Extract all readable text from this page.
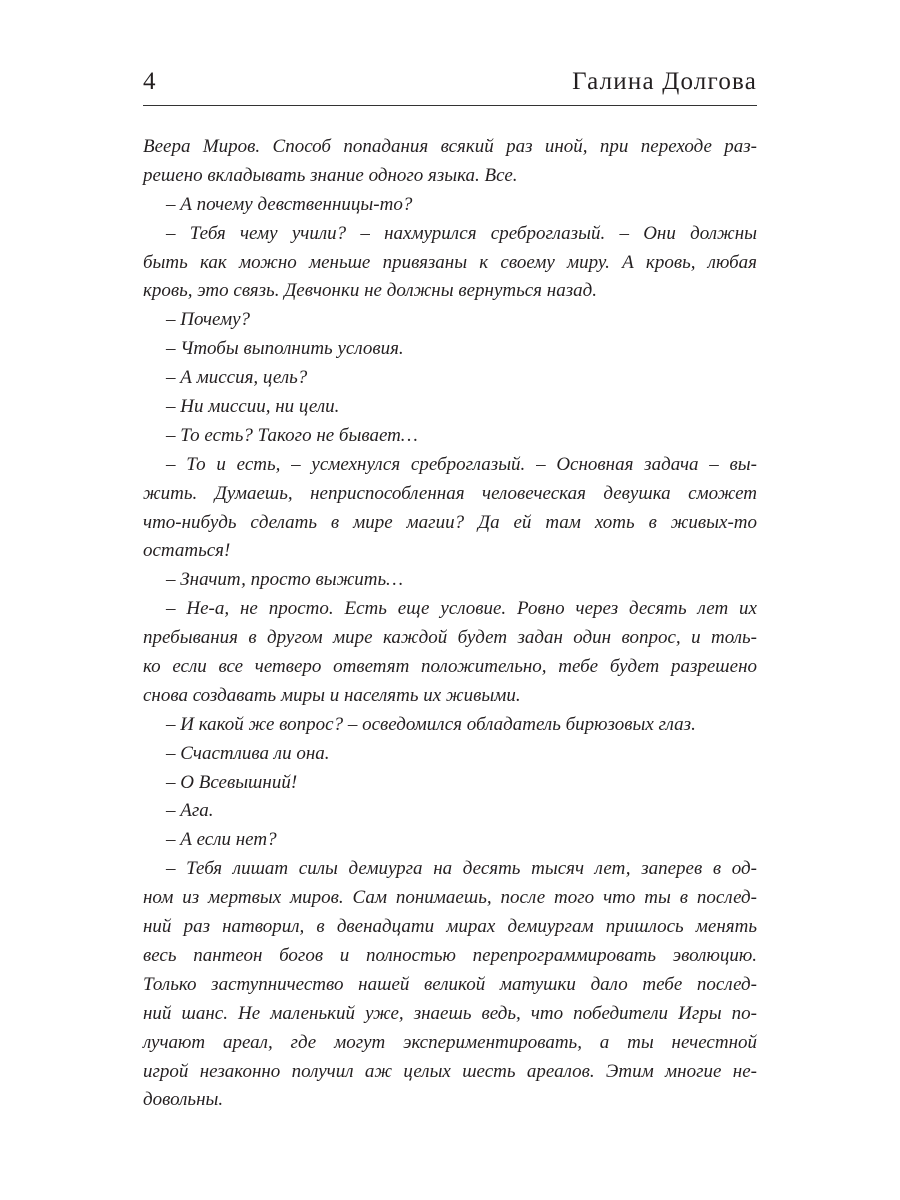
4	Галина Долгова
Веера Миров. Способ попадания всякий раз иной, при переходе раз-
решено вкладывать знание одного языка. Все.
– А почему девственницы-то?
– Тебя чему учили? – нахмурился среброглазый. – Они должны
быть как можно меньше привязаны к своему миру. А кровь, любая
кровь, это связь. Девчонки не должны вернуться назад.
– Почему?
– Чтобы выполнить условия.
– А миссия, цель?
– Ни миссии, ни цели.
– То есть? Такого не бывает…
– То и есть, – усмехнулся среброглазый. – Основная задача – вы-
жить. Думаешь, неприспособленная человеческая девушка сможет
что-нибудь сделать в мире магии? Да ей там хоть в живых-то
остаться!
– Значит, просто выжить…
– Не-а, не просто. Есть еще условие. Ровно через десять лет их
пребывания в другом мире каждой будет задан один вопрос, и толь-
ко если все четверо ответят положительно, тебе будет разрешено
снова создавать миры и населять их живыми.
– И какой же вопрос? – осведомился обладатель бирюзовых глаз.
– Счастлива ли она.
– О Всевышний!
– Ага.
– А если нет?
– Тебя лишат силы демиурга на десять тысяч лет, заперев в од-
ном из мертвых миров. Сам понимаешь, после того что ты в послед-
ний раз натворил, в двенадцати мирах демиургам пришлось менять
весь пантеон богов и полностью перепрограммировать эволюцию.
Только заступничество нашей великой матушки дало тебе послед-
ний шанс. Не маленький уже, знаешь ведь, что победители Игры по-
лучают ареал, где могут экспериментировать, а ты нечестной
игрой незаконно получил аж целых шесть ареалов. Этим многие не-
довольны.
